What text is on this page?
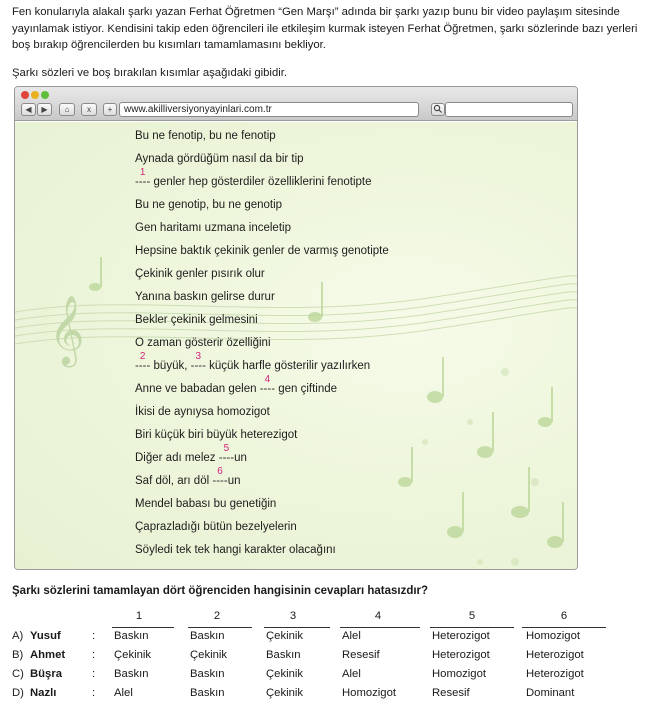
Fen konularıyla alakalı şarkı yazan Ferhat Öğretmen “Gen Marşı” adında bir şarkı yazıp bunu bir video paylaşım sitesinde yayınlamak istiyor. Kendisini takip eden öğrencileri ile etkileşim kurmak isteyen Ferhat Öğretmen, şarkı sözlerinde bazı yerleri boş bırakıp öğrencilerden bu kısımları tamamlamasını bekliyor.
Şarkı sözleri ve boş bırakılan kısımlar aşağıdaki gibidir.
◀	▶	⌂	x	+	www.akilliversiyonyayinlari.com.tr
𝄞
Bu ne fenotip, bu ne fenotip
Aynada gördüğüm nasıl da bir tip
----
1
genler hep gösterdiler özelliklerini fenotipte
Bu ne genotip, bu ne genotip
Gen haritamı uzmana inceletip
Hepsine baktık çekinik genler de varmış genotipte
Çekinik genler pısırık olur
Yanına baskın gelirse durur
Bekler çekinik gelmesini
O zaman gösterir özelliğini
----
2
büyük, ----
3
küçük harfle gösterilir yazılırken
Anne ve babadan gelen ----
4
gen çiftinde
İkisi de aynıysa homozigot
Biri küçük biri büyük heterezigot
Diğer adı melez ----
5
un
Saf döl, arı döl ----
6
un
Mendel babası bu genetiğin
Çaprazladığı bütün bezelyelerin
Söyledi tek tek hangi karakter olacağını
Şarkı sözlerini tamamlayan dört öğrenciden hangisinin cevapları hatasızdır?
1	2	3	4	5	6
A) Yusuf	: Baskın	Baskın	Çekinik	Alel	Heterozigot	Homozigot
B) Ahmet : Çekinik	Çekinik	Baskın	Resesif	Heterozigot	Heterozigot
C) Büşra	: Baskın	Baskın	Çekinik	Alel	Homozigot	Heterozigot
D) Nazlı	: Alel	Baskın	Çekinik	Homozigot	Resesif	Dominant
